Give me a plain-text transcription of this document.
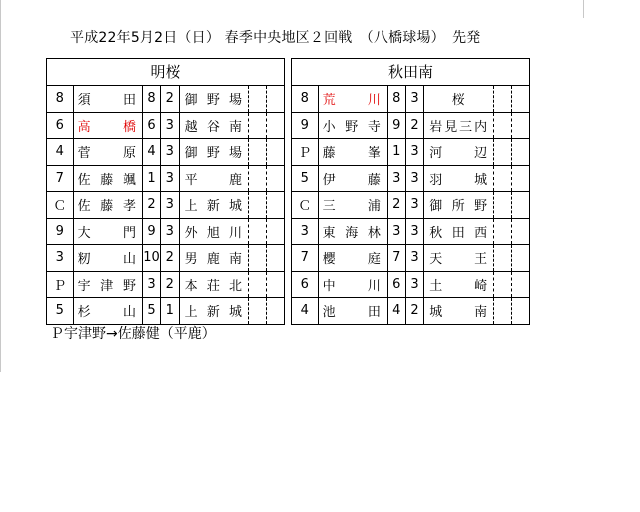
平成22年5月2日（日） 春季中央地区２回戦　（八橋球場）　先発
明桜
8	須田	8	2	御野場		
6	高橋	6	3	越谷南		
4	菅原	4	3	御野場		
7	佐藤颯	1	3	平鹿		
Ｃ	佐藤孝	2	3	上新城		
9	大門	9	3	外旭川		
3	籾山	10	2	男鹿南		
Ｐ	宇津野	3	2	本荘北		
5	杉山	5	1	上新城		
秋田南
8	荒川	8	3	桜		
9	小野寺	9	2	岩見三内		
Ｐ	藤峯	1	3	河辺		
5	伊藤	3	3	羽城		
Ｃ	三浦	2	3	御所野		
3	東海林	3	3	秋田西		
7	櫻庭	7	3	天王		
6	中川	6	3	土崎		
4	池田	4	2	城南		
Ｐ宇津野→佐藤健（平鹿）
